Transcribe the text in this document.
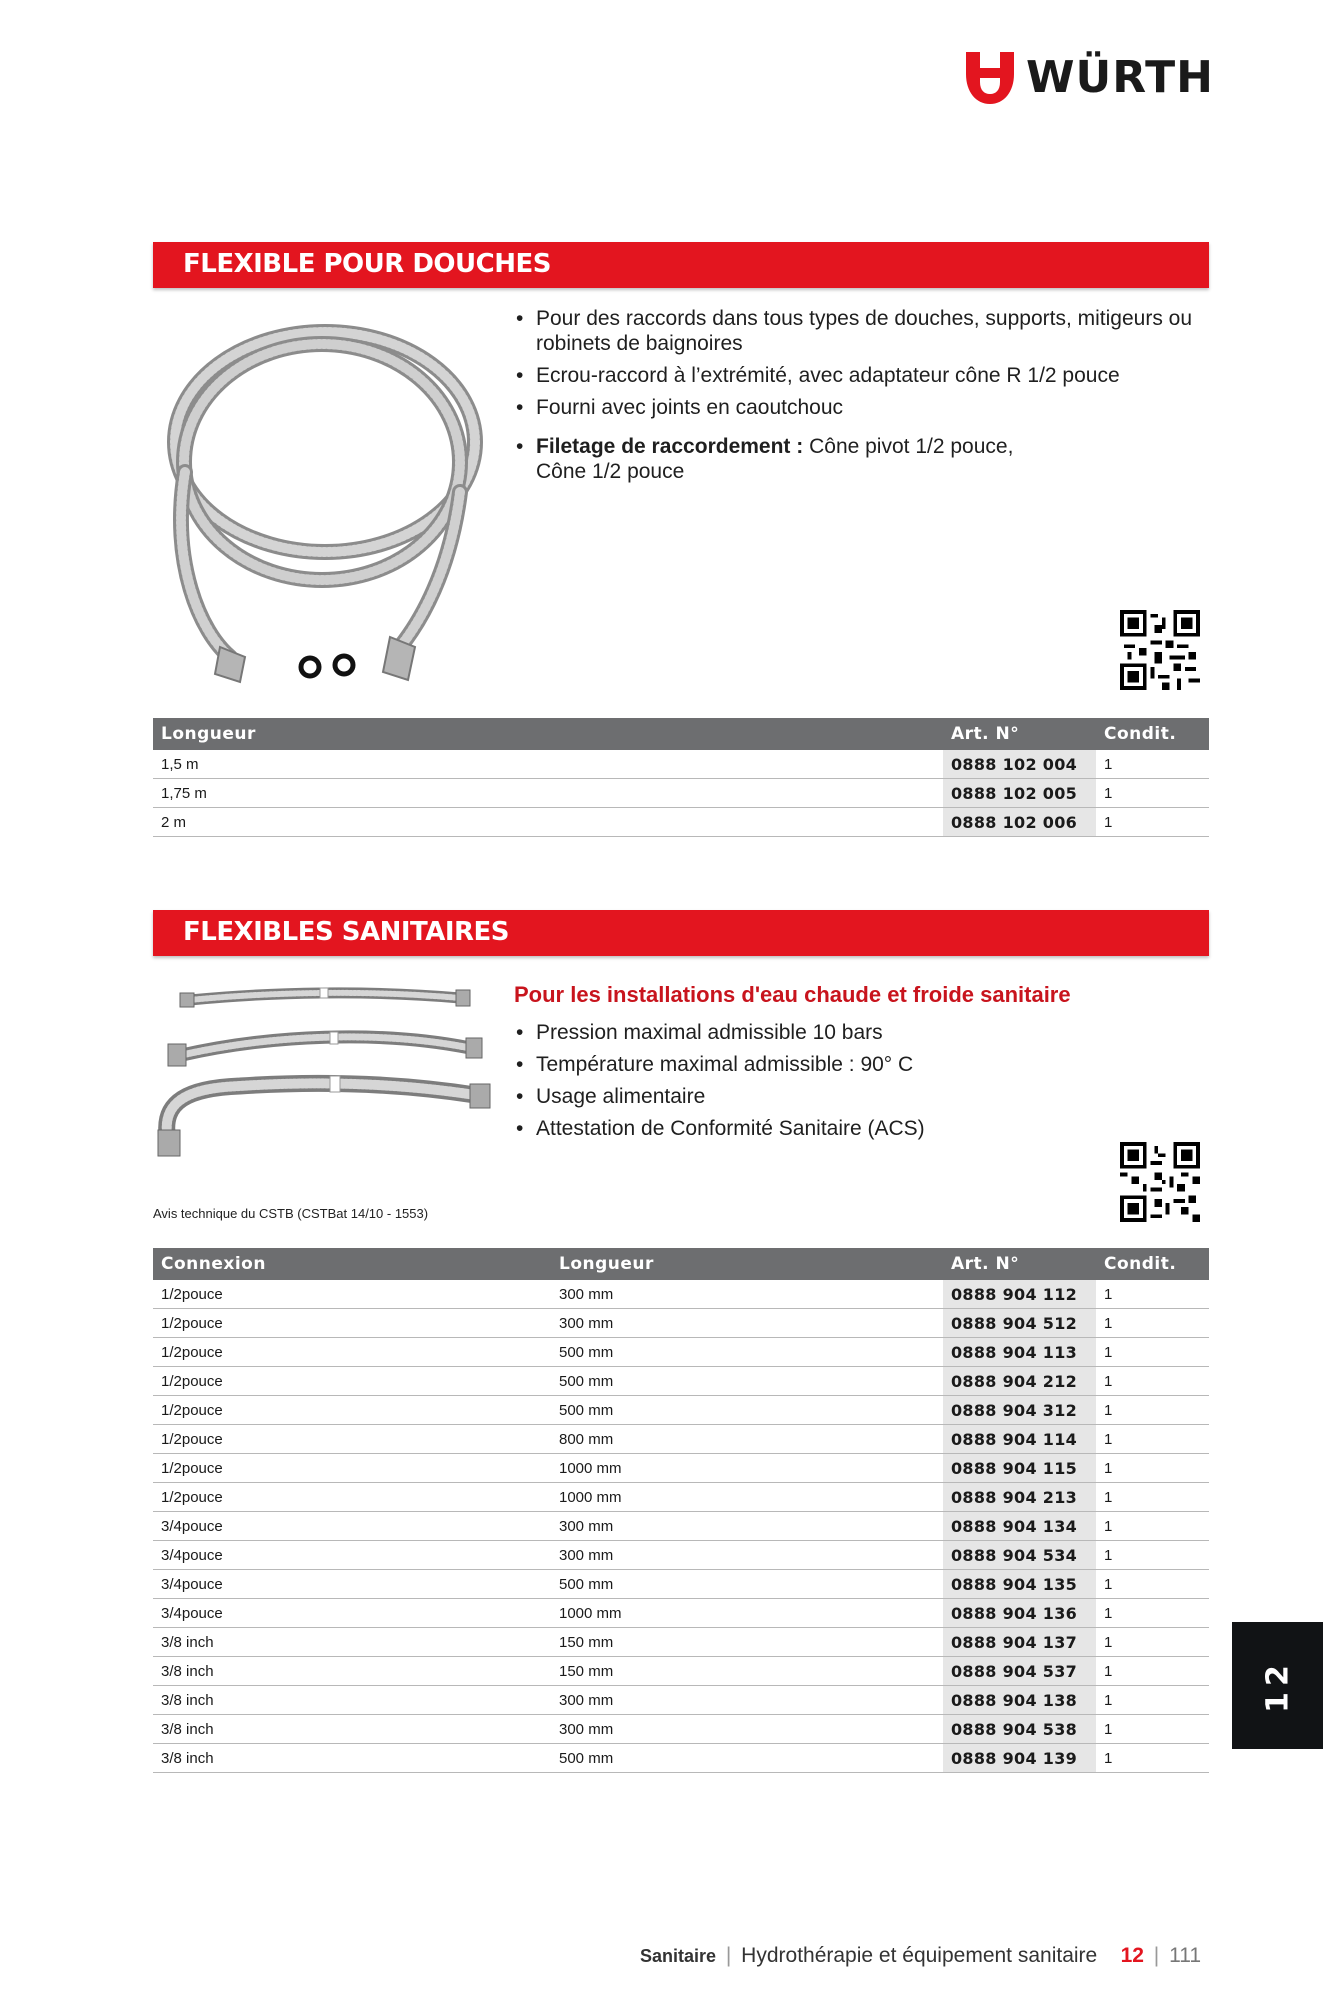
WÜRTH
FLEXIBLE POUR DOUCHES
• Pour des raccords dans tous types de douches, supports, mitigeurs ou robinets de baignoires
• Ecrou-raccord à l’extrémité, avec adaptateur cône R 1/2 pouce
• Fourni avec joints en caoutchouc
• Filetage de raccordement : Cône pivot 1/2 pouce, Cône 1/2 pouce
Longueur	Art. N°	Condit.
1,5 m	0888 102 004	1
1,75 m	0888 102 005	1
2 m	0888 102 006	1
FLEXIBLES SANITAIRES
Pour les installations d'eau chaude et froide sanitaire
• Pression maximal admissible 10 bars
• Température maximal admissible : 90° C
• Usage alimentaire
• Attestation de Conformité Sanitaire (ACS)
Avis technique du CSTB (CSTBat 14/10 - 1553)
Connexion	Longueur	Art. N°	Condit.
1/2pouce	300 mm	0888 904 112	1
1/2pouce	300 mm	0888 904 512	1
1/2pouce	500 mm	0888 904 113	1
1/2pouce	500 mm	0888 904 212	1
1/2pouce	500 mm	0888 904 312	1
1/2pouce	800 mm	0888 904 114	1
1/2pouce	1000 mm	0888 904 115	1
1/2pouce	1000 mm	0888 904 213	1
3/4pouce	300 mm	0888 904 134	1
3/4pouce	300 mm	0888 904 534	1
3/4pouce	500 mm	0888 904 135	1
3/4pouce	1000 mm	0888 904 136	1
3/8 inch	150 mm	0888 904 137	1
3/8 inch	150 mm	0888 904 537	1
3/8 inch	300 mm	0888 904 138	1
3/8 inch	300 mm	0888 904 538	1
3/8 inch	500 mm	0888 904 139	1
12
Sanitaire | Hydrothérapie et équipement sanitaire 12 | 111
